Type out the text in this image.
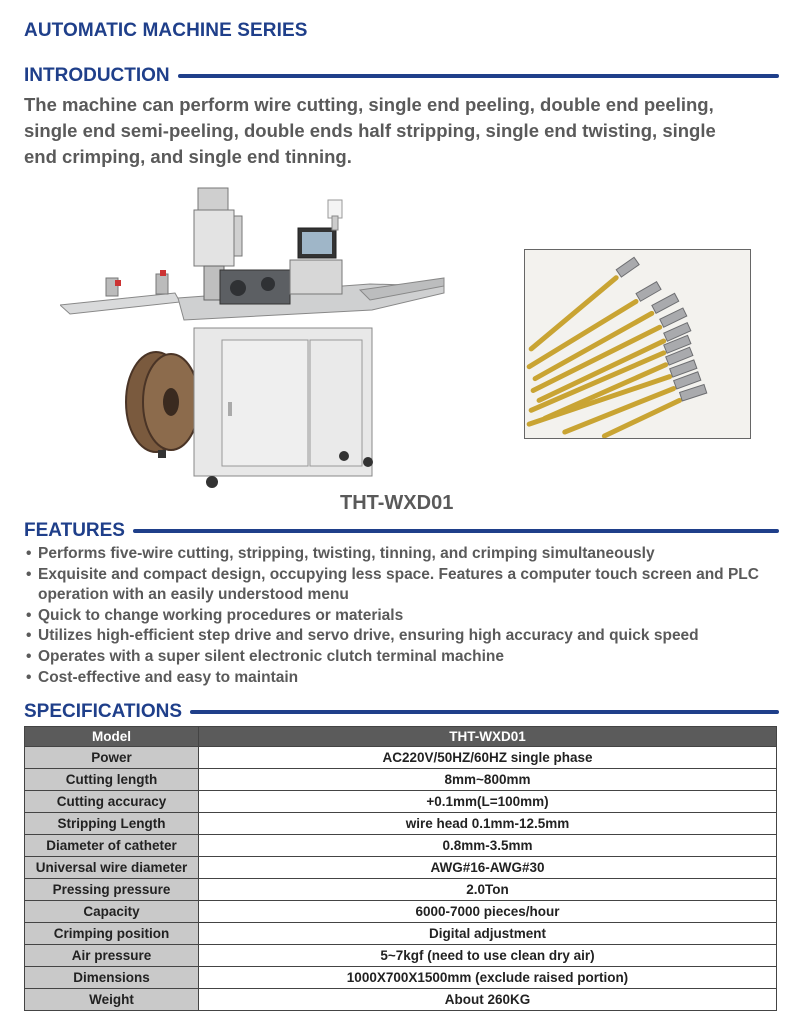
AUTOMATIC MACHINE SERIES
INTRODUCTION

The machine can perform wire cutting, single end peeling, double end peeling, single end semi-peeling, double ends half stripping, single end twisting, single end crimping, and single end tinning.

THT-WXD01
FEATURES
• Performs five-wire cutting, stripping, twisting, tinning, and crimping simultaneously
• Exquisite and compact design, occupying less space. Features a computer touch screen and PLC operation with an easily understood menu
• Quick to change working procedures or materials
• Utilizes high-efficient step drive and servo drive, ensuring high accuracy and quick speed
• Operates with a super silent electronic clutch terminal machine
• Cost-effective and easy to maintain
SPECIFICATIONS
Model	THT-WXD01
Power	AC220V/50HZ/60HZ single phase
Cutting length	8mm~800mm
Cutting accuracy	+0.1mm(L=100mm)
Stripping Length	wire head 0.1mm-12.5mm
Diameter of catheter	0.8mm-3.5mm
Universal wire diameter	AWG#16-AWG#30
Pressing pressure	2.0Ton
Capacity	6000-7000 pieces/hour
Crimping position	Digital adjustment
Air pressure	5~7kgf (need to use clean dry air)
Dimensions	1000X700X1500mm (exclude raised portion)
Weight	About 260KG
